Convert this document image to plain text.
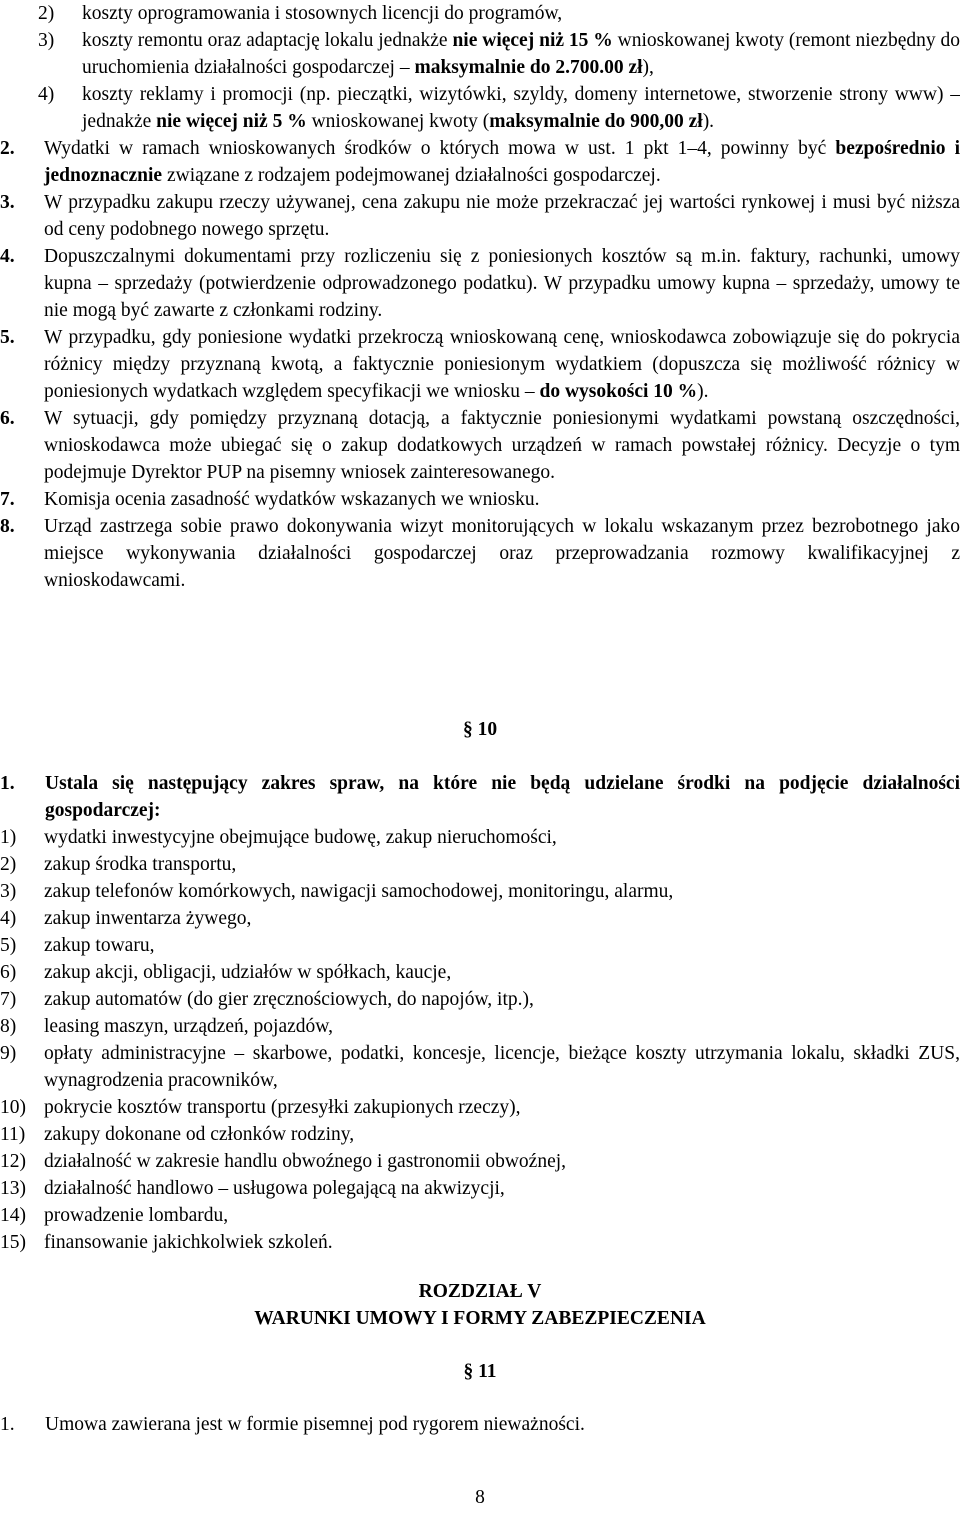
2)	koszty oprogramowania i stosownych licencji do programów,
3)	koszty remontu oraz adaptację lokalu jednakże nie więcej niż 15 % wnioskowanej kwoty (remont niezbędny do uruchomienia działalności gospodarczej – maksymalnie do 2.700.00 zł),
4)	koszty reklamy i promocji (np. pieczątki, wizytówki, szyldy, domeny internetowe, stworzenie strony www) – jednakże nie więcej niż 5 % wnioskowanej kwoty (maksymalnie do 900,00 zł).
2.	Wydatki w ramach wnioskowanych środków o których mowa w ust. 1 pkt 1–4, powinny być bezpośrednio i jednoznacznie związane z rodzajem podejmowanej działalności gospodarczej.
3.	W przypadku zakupu rzeczy używanej, cena zakupu nie może przekraczać jej wartości rynkowej i musi być niższa od ceny podobnego nowego sprzętu.
4.	Dopuszczalnymi dokumentami przy rozliczeniu się z poniesionych kosztów są m.in. faktury, rachunki, umowy kupna – sprzedaży (potwierdzenie odprowadzonego podatku). W przypadku umowy kupna – sprzedaży, umowy te nie mogą być zawarte z członkami rodziny.
5.	W przypadku, gdy poniesione wydatki przekroczą wnioskowaną cenę, wnioskodawca zobowiązuje się do pokrycia różnicy między przyznaną kwotą, a faktycznie poniesionym wydatkiem (dopuszcza się możliwość różnicy w poniesionych wydatkach względem specyfikacji we wniosku – do wysokości 10 %).
6.	W sytuacji, gdy pomiędzy przyznaną dotacją, a faktycznie poniesionymi wydatkami powstaną oszczędności, wnioskodawca może ubiegać się o zakup dodatkowych urządzeń w ramach powstałej różnicy. Decyzje o tym podejmuje Dyrektor PUP na pisemny wniosek zainteresowanego.
7.	Komisja ocenia zasadność wydatków wskazanych we wniosku.
8.	Urząd zastrzega sobie prawo dokonywania wizyt monitorujących w lokalu wskazanym przez bezrobotnego jako miejsce wykonywania działalności gospodarczej oraz przeprowadzania rozmowy kwalifikacyjnej z wnioskodawcami.
§ 10
1.	Ustala się następujący zakres spraw, na które nie będą udzielane środki na podjęcie działalności gospodarczej:
1)	wydatki inwestycyjne obejmujące budowę, zakup nieruchomości,
2)	zakup środka transportu,
3)	zakup telefonów komórkowych, nawigacji samochodowej, monitoringu, alarmu,
4)	zakup inwentarza żywego,
5)	zakup towaru,
6)	zakup akcji, obligacji, udziałów w spółkach, kaucje,
7)	zakup automatów (do gier zręcznościowych, do napojów, itp.),
8)	leasing maszyn, urządzeń, pojazdów,
9)	opłaty administracyjne – skarbowe, podatki, koncesje, licencje, bieżące koszty utrzymania lokalu, składki ZUS, wynagrodzenia pracowników,
10) pokrycie kosztów transportu (przesyłki zakupionych rzeczy),
11) zakupy dokonane od członków rodziny,
12) działalność w zakresie handlu obwoźnego i gastronomii obwoźnej,
13) działalność handlowo – usługowa polegającą na akwizycji,
14) prowadzenie lombardu,
15) finansowanie jakichkolwiek szkoleń.
ROZDZIAŁ V
WARUNKI UMOWY I FORMY ZABEZPIECZENIA
§ 11
1.	Umowa zawierana jest w formie pisemnej pod rygorem nieważności.
8
